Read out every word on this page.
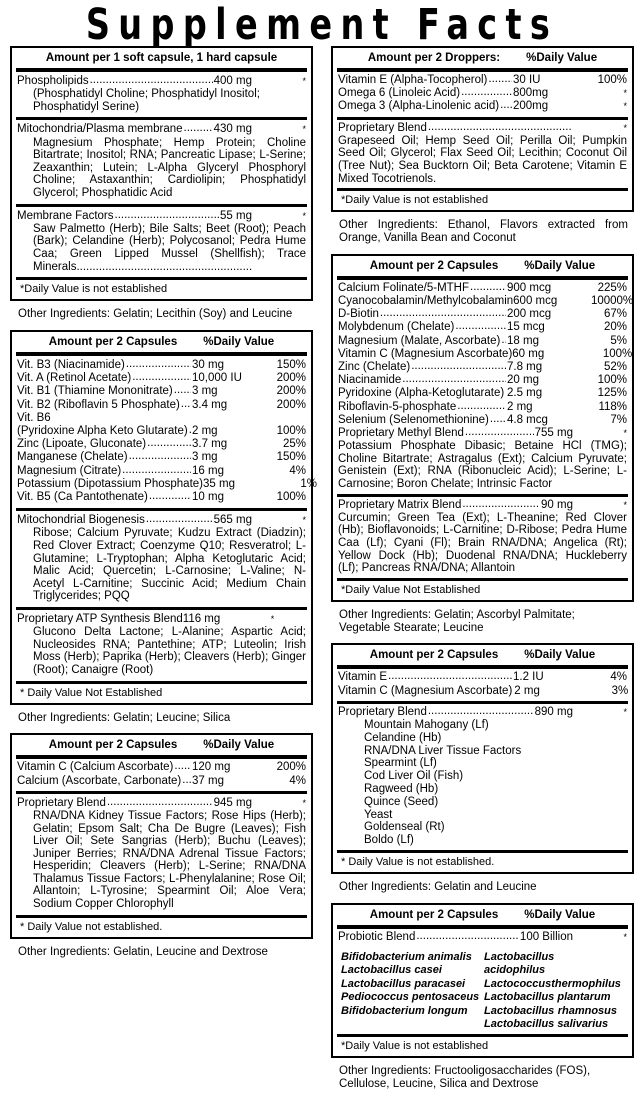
Supplement Facts
Amount per 1 soft capsule, 1 hard capsule
Phospholipids .....	400 mg	*
(Phosphatidyl Choline; Phosphatidyl Inositol; Phosphatidyl Serine)
Mitochondria/Plasma membrane .....	430 mg	*
Magnesium Phosphate; Hemp Protein; Choline Bitartrate; Inositol; RNA; Pancreatic Lipase; L-Serine; Zeaxanthin; Lutein; L-Alpha Glyceryl Phosphoryl Choline; Astaxanthin; Cardiolipin; Phosphatidyl Glycerol; Phosphatidic Acid
Membrane Factors .....	55 mg	*
Saw Palmetto (Herb); Bile Salts; Beet (Root); Peach (Bark); Celandine (Herb); Polycosanol; Pedra Hume Caa; Green Lipped Mussel (Shellfish); Trace Minerals.......................................................
*Daily Value is not established
Other Ingredients: Gelatin; Lecithin (Soy) and Leucine
Amount per 2 Capsules %Daily Value
Vit. B3 (Niacinamide) .....	30 mg	150%
Vit. A (Retinol Acetate) .....	10,000 IU	200%
Vit. B1 (Thiamine Mononitrate) ..... 3 mg	200%
Vit. B2 (Riboflavin 5 Phosphate) ..... 3.4 mg	200%
Vit. B6
(Pyridoxine Alpha Keto Glutarate) ..... 2 mg	100%
Zinc (Lipoate, Gluconate) .....	3.7 mg	25%
Manganese (Chelate) .....	3 mg	150%
Magnesium (Citrate) .....	16 mg	4%
Potassium (Dipotassium Phosphate) 35 mg	1%
Vit. B5 (Ca Pantothenate) .....	10 mg	100%
Mitochondrial Biogenesis .....	565 mg	*
Ribose; Calcium Pyruvate; Kudzu Extract (Diadzin); Red Clover Extract; Coenzyme Q10; Resveratrol; L-Glutamine; L-Tryptophan; Alpha Ketoglutaric Acid; Malic Acid; Quercetin; L-Carnosine; L-Valine; N-Acetyl L-Carnitine; Succinic Acid; Medium Chain Triglycerides; PQQ
Proprietary ATP Synthesis Blend 116 mg	*
Glucono Delta Lactone; L-Alanine; Aspartic Acid; Nucleosides RNA; Pantethine; ATP; Luteolin; Irish Moss (Herb); Paprika (Herb); Cleavers (Herb); Ginger (Root); Canaigre (Root)
* Daily Value Not Established
Other Ingredients: Gelatin; Leucine; Silica
Amount per 2 Capsules %Daily Value
Vitamin C (Calcium Ascorbate) ..... 120 mg	200%
Calcium (Ascorbate, Carbonate) ..... 37 mg	4%
Proprietary Blend .....	945 mg	*
RNA/DNA Kidney Tissue Factors; Rose Hips (Herb); Gelatin; Epsom Salt; Cha De Bugre (Leaves); Fish Liver Oil; Sete Sangrias (Herb); Buchu (Leaves); Juniper Berries; RNA/DNA Adrenal Tissue Factors; Hesperidin; Cleavers (Herb); L-Serine; RNA/DNA Thalamus Tissue Factors; L-Phenylalanine; Rose Oil; Allantoin; L-Tyrosine; Spearmint Oil; Aloe Vera; Sodium Copper Chlorophyll
* Daily Value not established.
Other Ingredients: Gelatin, Leucine and Dextrose
Amount per 2 Droppers: %Daily Value
Vitamin E (Alpha-Tocopherol) ..... 30 IU	100%
Omega 6 (Linoleic Acid) .....	800mg	*
Omega 3 (Alpha-Linolenic acid) ..... 200mg	*
Proprietary Blend .....	*
Grapeseed Oil; Hemp Seed Oil; Perilla Oil; Pumpkin Seed Oil; Glycerol; Flax Seed Oil; Lecithin; Coconut Oil (Tree Nut); Sea Bucktorn Oil; Beta Carotene; Vitamin E Mixed Tocotrienols.
*Daily Value is not established
Other Ingredients: Ethanol, Flavors extracted from Orange, Vanilla Bean and Coconut
Amount per 2 Capsules %Daily Value
Calcium Folinate/5-MTHF .....	900 mcg	225%
Cyanocobalamin/Methylcobalamin 600 mcg	10000%
D-Biotin .....	200 mcg	67%
Molybdenum (Chelate) .....	15 mcg	20%
Magnesium (Malate, Ascorbate) ..... 18 mg	5%
Vitamin C (Magnesium Ascorbate) 60 mg	100%
Zinc (Chelate) .....	7.8 mg	52%
Niacinamide .....	20 mg	100%
Pyridoxine (Alpha-Ketoglutarate) ..... 2.5 mg	125%
Riboflavin-5-phosphate .....	2 mg	118%
Selenium (Selenomethionine) ..... 4.8 mcg	7%
Proprietary Methyl Blend .....	755 mg	*
Potassium Phosphate Dibasic; Betaine HCl (TMG); Choline Bitartrate; Astragalus (Ext); Calcium Pyruvate; Genistein (Ext); RNA (Ribonucleic Acid); L-Serine; L-Carnosine; Boron Chelate; Intrinsic Factor
Proprietary Matrix Blend .....	90 mg	*
Curcumin; Green Tea (Ext); L-Theanine; Red Clover (Hb); Bioflavonoids; L-Carnitine; D-Ribose; Pedra Hume Caa (Lf); Cyani (Fl); Brain RNA/DNA; Angelica (Rt); Yellow Dock (Hb); Duodenal RNA/DNA; Huckleberry (Lf); Pancreas RNA/DNA; Allantoin
*Daily Value Not Established
Other Ingredients: Gelatin; Ascorbyl Palmitate; Vegetable Stearate; Leucine
Amount per 2 Capsules %Daily Value
Vitamin E .....	1.2 IU	4%
Vitamin C (Magnesium Ascorbate) 2 mg	3%
Proprietary Blend .....	890 mg	*
Mountain Mahogany (Lf)
Celandine (Hb)
RNA/DNA Liver Tissue Factors
Spearmint (Lf)
Cod Liver Oil (Fish)
Ragweed (Hb)
Quince (Seed)
Yeast
Goldenseal (Rt)
Boldo (Lf)
* Daily Value is not established.
Other Ingredients: Gelatin and Leucine
Amount per 2 Capsules %Daily Value
Probiotic Blend .....	100 Billion	*
Bifidobacterium animalis
Lactobacillus casei
Lactobacillus paracasei
Pediococcus pentosaceus
Bifidobacterium longum
Lactobacillus acidophilus
Lactococcus thermophilus
Lactobacillus plantarum
Lactobacillus rhamnosus
Lactobacillus salivarius
*Daily Value is not established
Other Ingredients: Fructooligosaccharides (FOS), Cellulose, Leucine, Silica and Dextrose
